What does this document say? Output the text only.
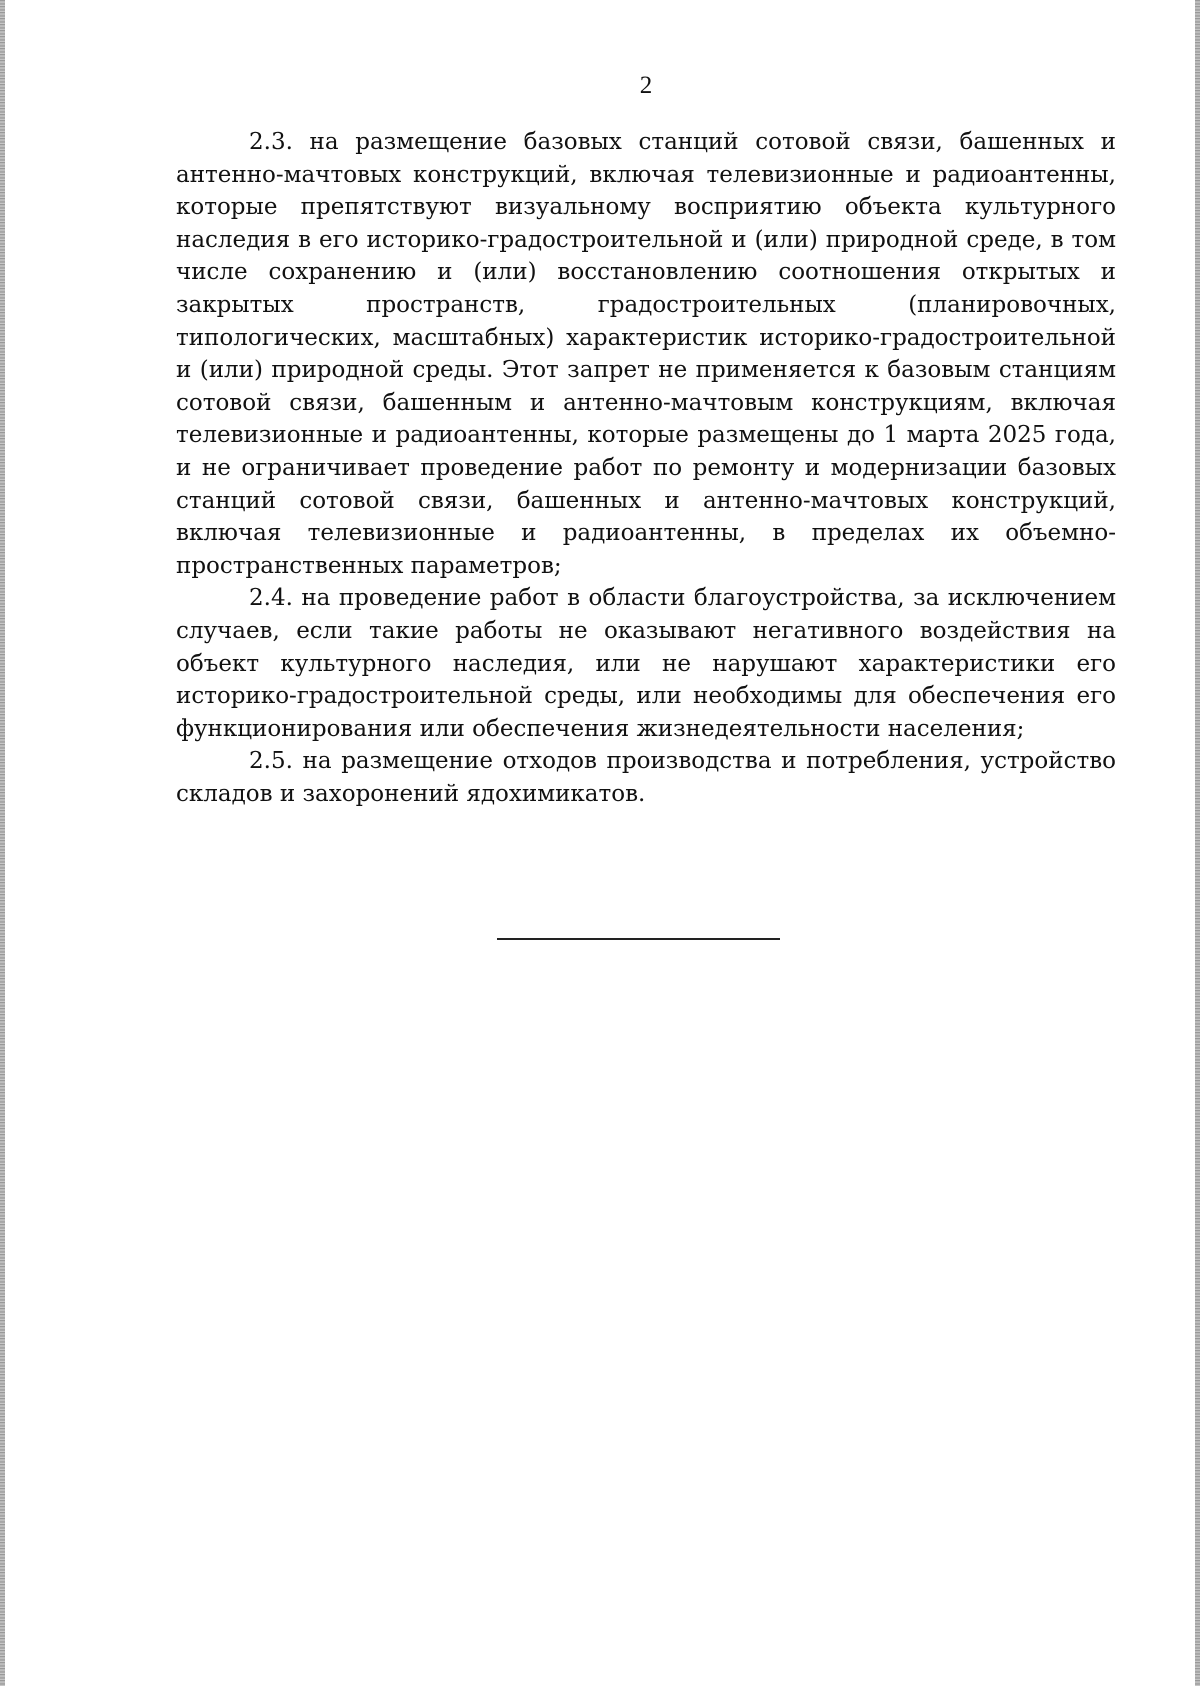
2

2.3. на размещение базовых станций сотовой связи, башенных и антенно-мачтовых конструкций, включая телевизионные и радиоантенны, которые препятствуют визуальному восприятию объекта культурного наследия в его историко-градостроительной и (или) природной среде, в том числе сохранению и (или) восстановлению соотношения открытых и закрытых пространств, градостроительных (планировочных, типологических, масштабных) характеристик историко-градостроительной и (или) природной среды. Этот запрет не применяется к базовым станциям сотовой связи, башенным и антенно-мачтовым конструкциям, включая телевизионные и радиоантенны, которые размещены до 1 марта 2025 года, и не ограничивает проведение работ по ремонту и модернизации базовых станций сотовой связи, башенных и антенно-мачтовых конструкций, включая телевизионные и радиоантенны, в пределах их объемно-пространственных параметров;

2.4. на проведение работ в области благоустройства, за исключением случаев, если такие работы не оказывают негативного воздействия на объект культурного наследия, или не нарушают характеристики его историко-градостроительной среды, или необходимы для обеспечения его функционирования или обеспечения жизнедеятельности населения;

2.5. на размещение отходов производства и потребления, устройство складов и захоронений ядохимикатов.
